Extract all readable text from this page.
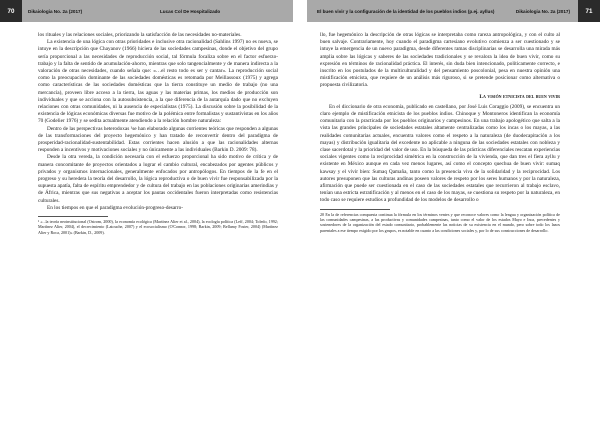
70	Dikaiologia No. 2a (2017)	Lucas Col De Hospitalizado	El buen vivir y la configuración de la identidad de los pueblos indios (p.ej. ayllus)	Dikaiologia No. 2a (2017)	71

los rituales y las relaciones sociales, priorizando la satisfacción de las necesidades no-materiales.

La existencia de una lógica con otras prioridades e inclusive otra racionalidad (Sahlins 1997) no es nueva, se intuye en la descripción que Chayanov (1966) hiciera de las sociedades campesinas, donde el objetivo del grupo sería proporcional a las necesidades de reproducción social, tal fórmula focaliza sobre en el factor esfuerzo-trabajo y la falta de sentido de acumulación-ahorro, mientras que solo tangencialmente y de manera indirecta a la valoración de otras necesidades, cuando señala que: «…el resto todo es ser y cantar». La reproducción social como la preocupación dominante de las sociedades domésticas es retomada por Meillassoux (1975) y agrega como características de las sociedades domésticas que la tierra constituye un medio de trabajo (no una mercancía), proveen libre acceso a la tierra, las aguas y las materias primas, los medios de producción son individuales y que se acciona con la autosubsistencia, a la que diferencia de la autarquía dado que no excluyen relaciones con otras comunidades, ni la ausencia de especialistas (1975). La discusión sobre la posibilidad de la existencia de lógicas económicas diversas fue motivo de la polémica entre formalistas y sustantivistas en los años 70 (Godelier 1976) y se sedita actualmente atendiendo a la relación hombre naturaleza:

Dentro de las perspectivas heterodoxas ¹se han elaborado algunas corrientes teóricas que responden a algunas de las transformaciones del proyecto hegemónico y han tratado de reconvertir dentro del paradigma de prosperidad-racionalidad-sustentabilidad. Estas corrientes hacen alusión a que las racionalidades alternas responden a incentivos y motivaciones sociales y no únicamente a las individuales (Barkin D. 2009: 78).

Desde la otra vereda, la condición necesaria con el esfuerzo proporcional ha sido motivo de crítica y de manera concomitante de proyectos orientados a lograr el cambio cultural, encabezados por agentes públicos y privados y organismos internacionales, generalmente enfocados por antropólogos. En tiempos de la fe en el progreso y su heredera la teoría del desarrollo, la lógica reproductiva o de buen vivir fue responsabilizada por la supuesta apatía, falta de espíritu emprendedor y de cultura del trabajo en las poblaciones originarias amerindias y de África, mientras que sus negativas a aceptar los pautas occidentales fueron interpretadas como resistencias culturales.

En los tiempos en que el paradigma evolución-progreso-desarro-

¹ «...la teoría neoinstitucional (Ostrom, 2000), la economía ecológica (Martínez Alier et al., 2004), la ecología política (Leff, 2004; Toledo, 1992; Martínez Alier, 2004), el decrecimiento (Latouche, 2007) y el ecosocialismo (O'Connor, 1998; Barkin, 2009; Bellamy Foster, 2004) (Martínez Alier y Roca, 2001)» (Barkin, D., 2009).

llo, fue hegemónico la descripción de otras lógicas se interpretaba como rareza antropológica, y con el culto al buen salvaje. Contrariamente, hoy cuando el paradigma cartesiano evolutivo comienza a ser cuestionado y se intuye la emergencia de un nuevo paradigma, desde diferentes ramas disciplinarias se desarrolla una mirada más amplia sobre las lógicas y saberes de las sociedades tradicionales y se revalora la idea de buen vivir, como su expresión en términos de racionalidad práctica. El interés, sin duda bien intencionado, políticamente correcto, e inscrito en los postulados de la multiculturalidad y del pensamiento poscolonial, pesa en nuestra opinión una mistificación etnicista, que requiere de un análisis más riguroso, si se pretende posicionar como alternativa o propuesta civilizatoria.

La visión etnicista del buen vivir

En el diccionario de otra economía, publicado en castellano, por José Luis Coraggio (2009), se encuentra un claro ejemplo de mistificación etnicista de los pueblos indios. Chinoque y Montoneros identifican la economía comunitaria con la practicada por los pueblos originarios y campesinos. En una trabajo apologético que salta a la vista las grandes principales de sociedades estatales altamente centralizadas como los incas o los mayas, a las realidades comunitarias actuales, encuentra valores como el respeto a la naturaleza (de duodecapitación a los mayas) y distribución igualitaria del excedente no aplicable a ninguna de las sociedades estatales con nobleza y clase sacerdotal y la prioridad del valor de uso. En la búsqueda de las prácticas diferenciales rescatan experiencias sociales vigentes como la reciprocidad simétrica en la construcción de la vivienda, que dan tres el fiera ayllu y existente en México aunque en cada vez menos lugares, así como el concepto quechua de buen vivir: sumaq kawsay y el vivir bien: Sumaq Qamaña, tanto como la presencia viva de la solidaridad y la reciprocidad. Los autores presuponen que las culturas andinas poseen valores de respeto por los seres humanos y por la naturaleza, afirmación que puede ser cuestionada en el caso de las sociedades estatales que recurrieron al trabajo esclavo, tenían una estricta estratificación y al menos en el caso de los mayas, se cuestiona su respeto por la naturaleza, en todo caso se requiere estudios a profundidad de los modelos de desarrollo o

20 En la de referencias compuesta continua la fórmula en los términos ventes y que reconoce valores como la lengua y organización política de las comunidades campesinas, a las productivas y comunidades campesinas, tanto como el valor de los estados Mayo e Inca, precedentes y sostenedores de la organización del estado comunitario, probablemente las noticias de su existencia en el mundo, pero sobre todo los lazos parentales a ese tiempo exigido por los grupos, es notable en cuanto a las condiciones sociales y, por lo de sus construcciones de desarrollo.
